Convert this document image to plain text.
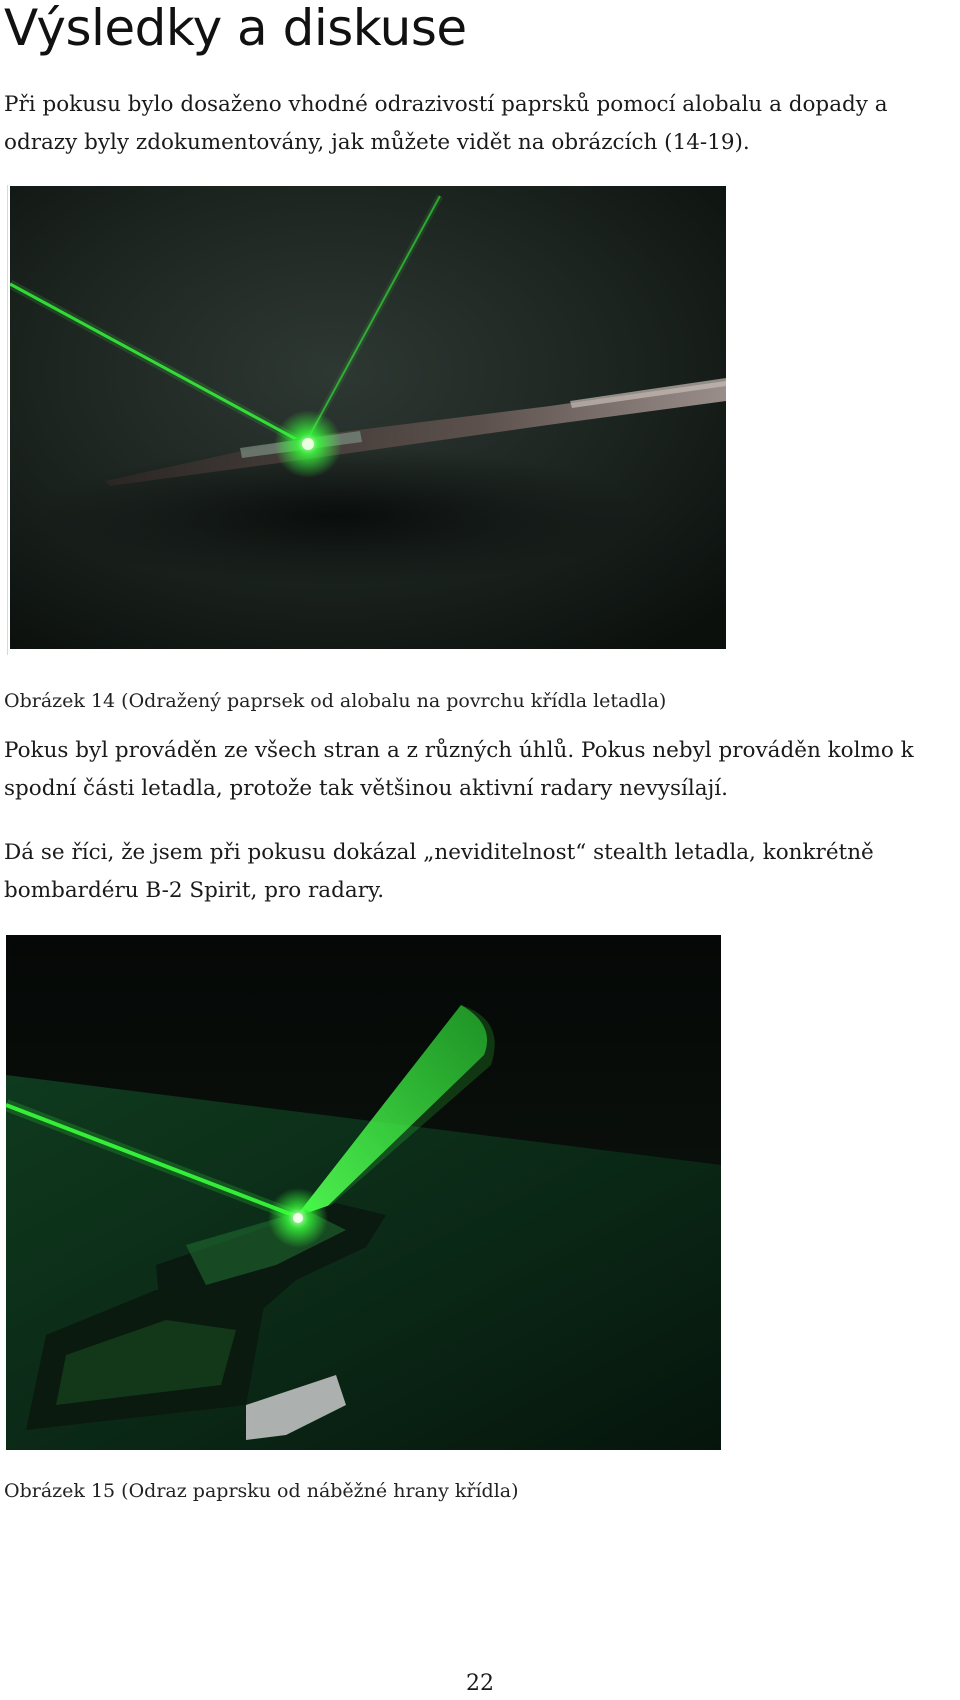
Výsledky a diskuse

Při pokusu bylo dosaženo vhodné odrazivostí paprsků pomocí alobalu a dopady a odrazy byly zdokumentovány, jak můžete vidět na obrázcích (14-19).

Obrázek 14 (Odražený paprsek od alobalu na povrchu křídla letadla)

Pokus byl prováděn ze všech stran a z různých úhlů. Pokus nebyl prováděn kolmo k spodní části letadla, protože tak většinou aktivní radary nevysílají.

Dá se říci, že jsem při pokusu dokázal „neviditelnost“ stealth letadla, konkrétně bombardéru B-2 Spirit, pro radary.

Obrázek 15 (Odraz paprsku od náběžné hrany křídla)

22
